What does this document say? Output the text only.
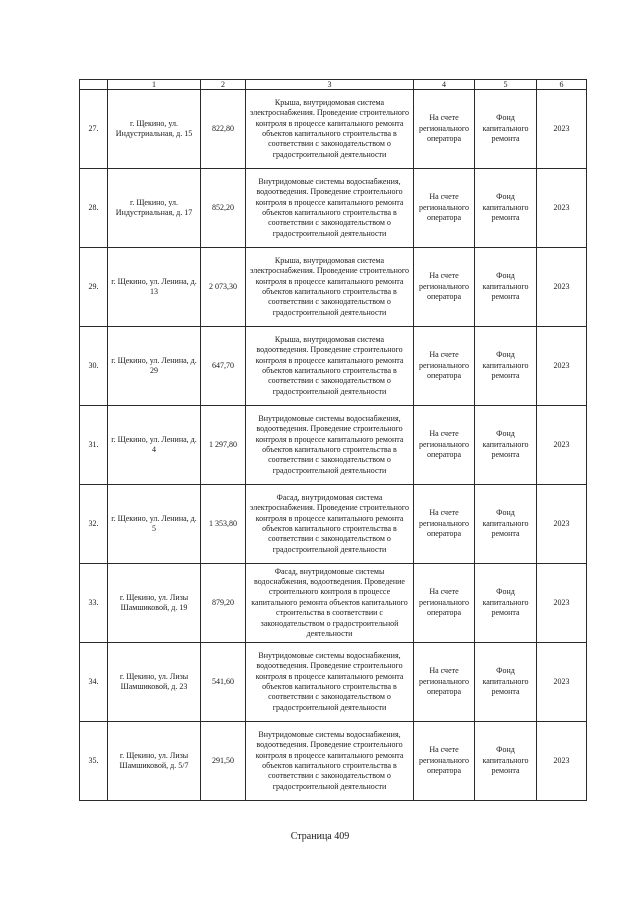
	1	2	3	4	5	6
27.	г. Щекино, ул. Индустриальная, д. 15	822,80	Крыша, внутридомовая система электроснабжения. Проведение строительного контроля в процессе капитального ремонта объектов капитального строительства в соответствии с законодательством о градостроительной деятельности	На счете регионального оператора	Фонд капитального ремонта	2023
28.	г. Щекино, ул. Индустриальная, д. 17	852,20	Внутридомовые системы водоснабжения, водоотведения. Проведение строительного контроля в процессе капитального ремонта объектов капитального строительства в соответствии с законодательством о градостроительной деятельности	На счете регионального оператора	Фонд капитального ремонта	2023
29.	г. Щекино, ул. Ленина, д. 13	2 073,30	Крыша, внутридомовая система электроснабжения. Проведение строительного контроля в процессе капитального ремонта объектов капитального строительства в соответствии с законодательством о градостроительной деятельности	На счете регионального оператора	Фонд капитального ремонта	2023
30.	г. Щекино, ул. Ленина, д. 29	647,70	Крыша, внутридомовая система водоотведения. Проведение строительного контроля в процессе капитального ремонта объектов капитального строительства в соответствии с законодательством о градостроительной деятельности	На счете регионального оператора	Фонд капитального ремонта	2023
31.	г. Щекино, ул. Ленина, д. 4	1 297,80	Внутридомовые системы водоснабжения, водоотведения. Проведение строительного контроля в процессе капитального ремонта объектов капитального строительства в соответствии с законодательством о градостроительной деятельности	На счете регионального оператора	Фонд капитального ремонта	2023
32.	г. Щекино, ул. Ленина, д. 5	1 353,80	Фасад, внутридомовая система электроснабжения. Проведение строительного контроля в процессе капитального ремонта объектов капитального строительства в соответствии с законодательством о градостроительной деятельности	На счете регионального оператора	Фонд капитального ремонта	2023
33.	г. Щекино, ул. Лизы Шамшиковой, д. 19	879,20	Фасад, внутридомовые системы водоснабжения, водоотведения. Проведение строительного контроля в процессе капитального ремонта объектов капитального строительства в соответствии с законодательством о градостроительной деятельности	На счете регионального оператора	Фонд капитального ремонта	2023
34.	г. Щекино, ул. Лизы Шамшиковой, д. 23	541,60	Внутридомовые системы водоснабжения, водоотведения. Проведение строительного контроля в процессе капитального ремонта объектов капитального строительства в соответствии с законодательством о градостроительной деятельности	На счете регионального оператора	Фонд капитального ремонта	2023
35.	г. Щекино, ул. Лизы Шамшиковой, д. 5/7	291,50	Внутридомовые системы водоснабжения, водоотведения. Проведение строительного контроля в процессе капитального ремонта объектов капитального строительства в соответствии с законодательством о градостроительной деятельности	На счете регионального оператора	Фонд капитального ремонта	2023
Страница 409
